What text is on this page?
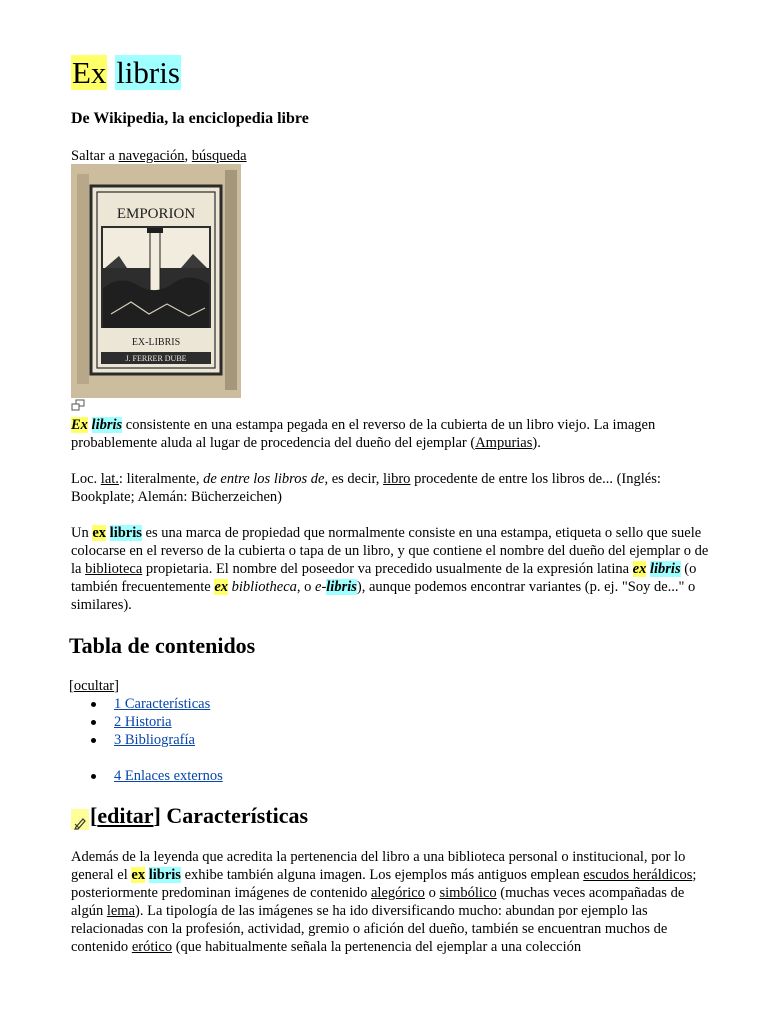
Ex libris
De Wikipedia, la enciclopedia libre
Saltar a navegación, búsqueda
EMPORION
EX-LIBRIS
J. FERRER DUBE
Ex libris consistente en una estampa pegada en el reverso de la cubierta de un libro viejo. La imagen probablemente aluda al lugar de procedencia del dueño del ejemplar (Ampurias).
Loc. lat.: literalmente, de entre los libros de, es decir, libro procedente de entre los libros de... (Inglés: Bookplate; Alemán: Bücherzeichen)
Un ex libris es una marca de propiedad que normalmente consiste en una estampa, etiqueta o sello que suele colocarse en el reverso de la cubierta o tapa de un libro, y que contiene el nombre del dueño del ejemplar o de la biblioteca propietaria. El nombre del poseedor va precedido usualmente de la expresión latina ex libris (o también frecuentemente ex bibliotheca, o e-libris), aunque podemos encontrar variantes (p. ej. "Soy de..." o similares).
Tabla de contenidos
[ocultar]
1 Características
2 Historia
3 Bibliografía
4 Enlaces externos
[ editar ] Características
Además de la leyenda que acredita la pertenencia del libro a una biblioteca personal o institucional, por lo general el ex libris exhibe también alguna imagen. Los ejemplos más antiguos emplean escudos heráldicos; posteriormente predominan imágenes de contenido alegórico o simbólico (muchas veces acompañadas de algún lema). La tipología de las imágenes se ha ido diversificando mucho: abundan por ejemplo las relacionadas con la profesión, actividad, gremio o afición del dueño, también se encuentran muchos de contenido erótico (que habitualmente señala la pertenencia del ejemplar a una colección
